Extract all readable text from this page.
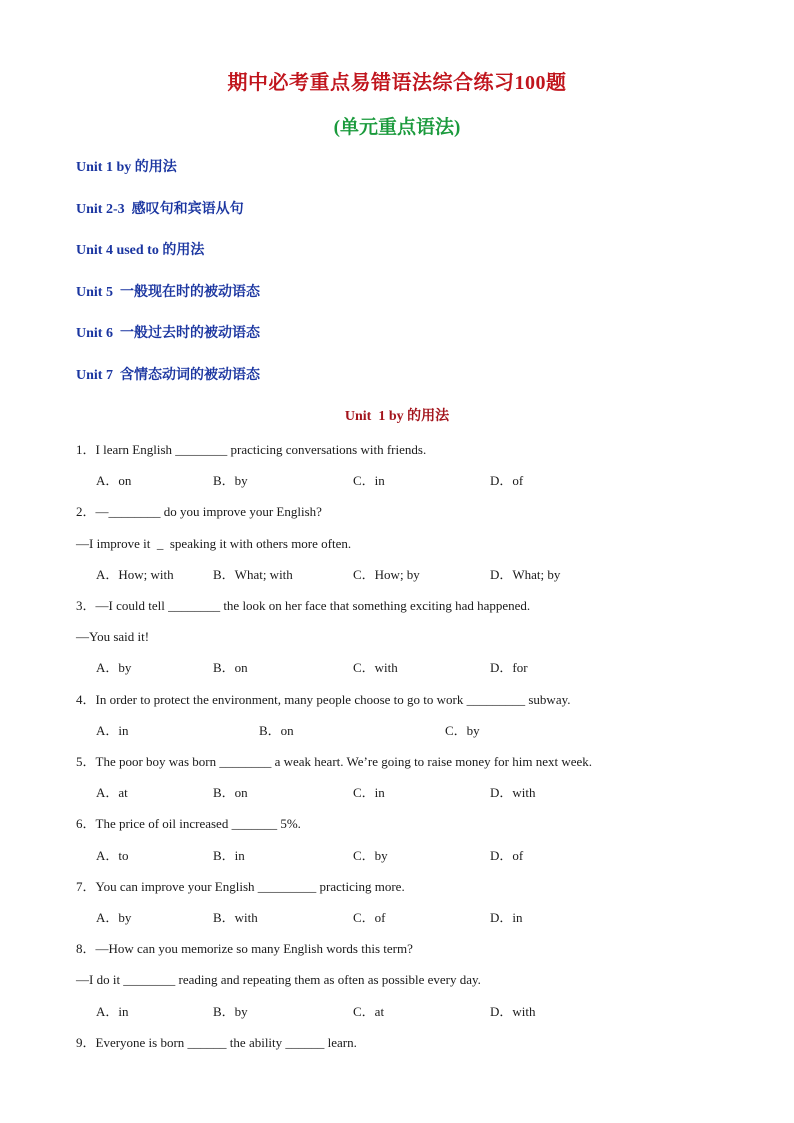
期中必考重点易错语法综合练习100题
(单元重点语法)
Unit 1 by 的用法
Unit 2-3  感叹句和宾语从句
Unit 4 used to 的用法
Unit 5  一般现在时的被动语态
Unit 6  一般过去时的被动语态
Unit 7  含情态动词的被动语态
Unit  1 by 的用法
1．I learn English ________ practicing conversations with friends.
A．on	B．by	C．in	D．of
2．—________ do you improve your English?
—I improve it  _  speaking it with others more often.
A．How; with	B．What; with	C．How; by	D．What; by
3．—I could tell ________ the look on her face that something exciting had happened.
—You said it!
A．by	B．on	C．with	D．for
4．In order to protect the environment, many people choose to go to work _________ subway.
A．in	B．on	C．by
5．The poor boy was born ________ a weak heart. We’re going to raise money for him next week.
A．at	B．on	C．in	D．with
6．The price of oil increased _______ 5%.
A．to	B．in	C．by	D．of
7．You can improve your English _________ practicing more.
A．by	B．with	C．of	D．in
8．—How can you memorize so many English words this term?
—I do it ________ reading and repeating them as often as possible every day.
A．in	B．by	C．at	D．with
9．Everyone is born ______ the ability ______ learn.
